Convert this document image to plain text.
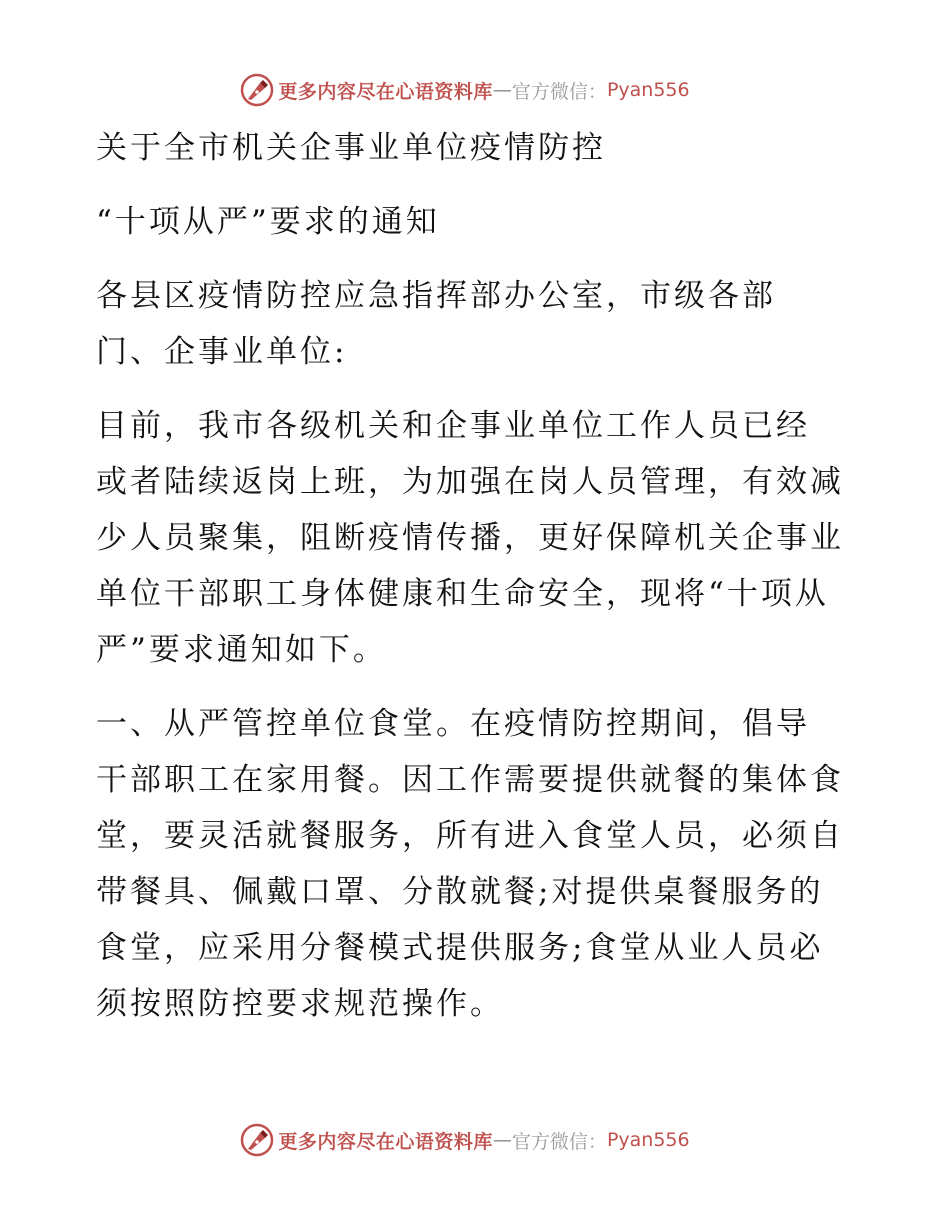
更多内容尽在心语资料库 — 官方微信： Pyan556
关于全市机关企事业单位疫情防控
“十项从严”要求的通知
各县区疫情防控应急指挥部办公室，市级各部
门、企事业单位:
目前，我市各级机关和企事业单位工作人员已经
或者陆续返岗上班，为加强在岗人员管理，有效减
少人员聚集，阻断疫情传播，更好保障机关企事业
单位干部职工身体健康和生命安全，现将“十项从
严”要求通知如下。
一、从严管控单位食堂。在疫情防控期间，倡导
干部职工在家用餐。因工作需要提供就餐的集体食
堂，要灵活就餐服务，所有进入食堂人员，必须自
带餐具、佩戴口罩、分散就餐;对提供桌餐服务的
食堂，应采用分餐模式提供服务;食堂从业人员必
须按照防控要求规范操作。
更多内容尽在心语资料库 — 官方微信： Pyan556
